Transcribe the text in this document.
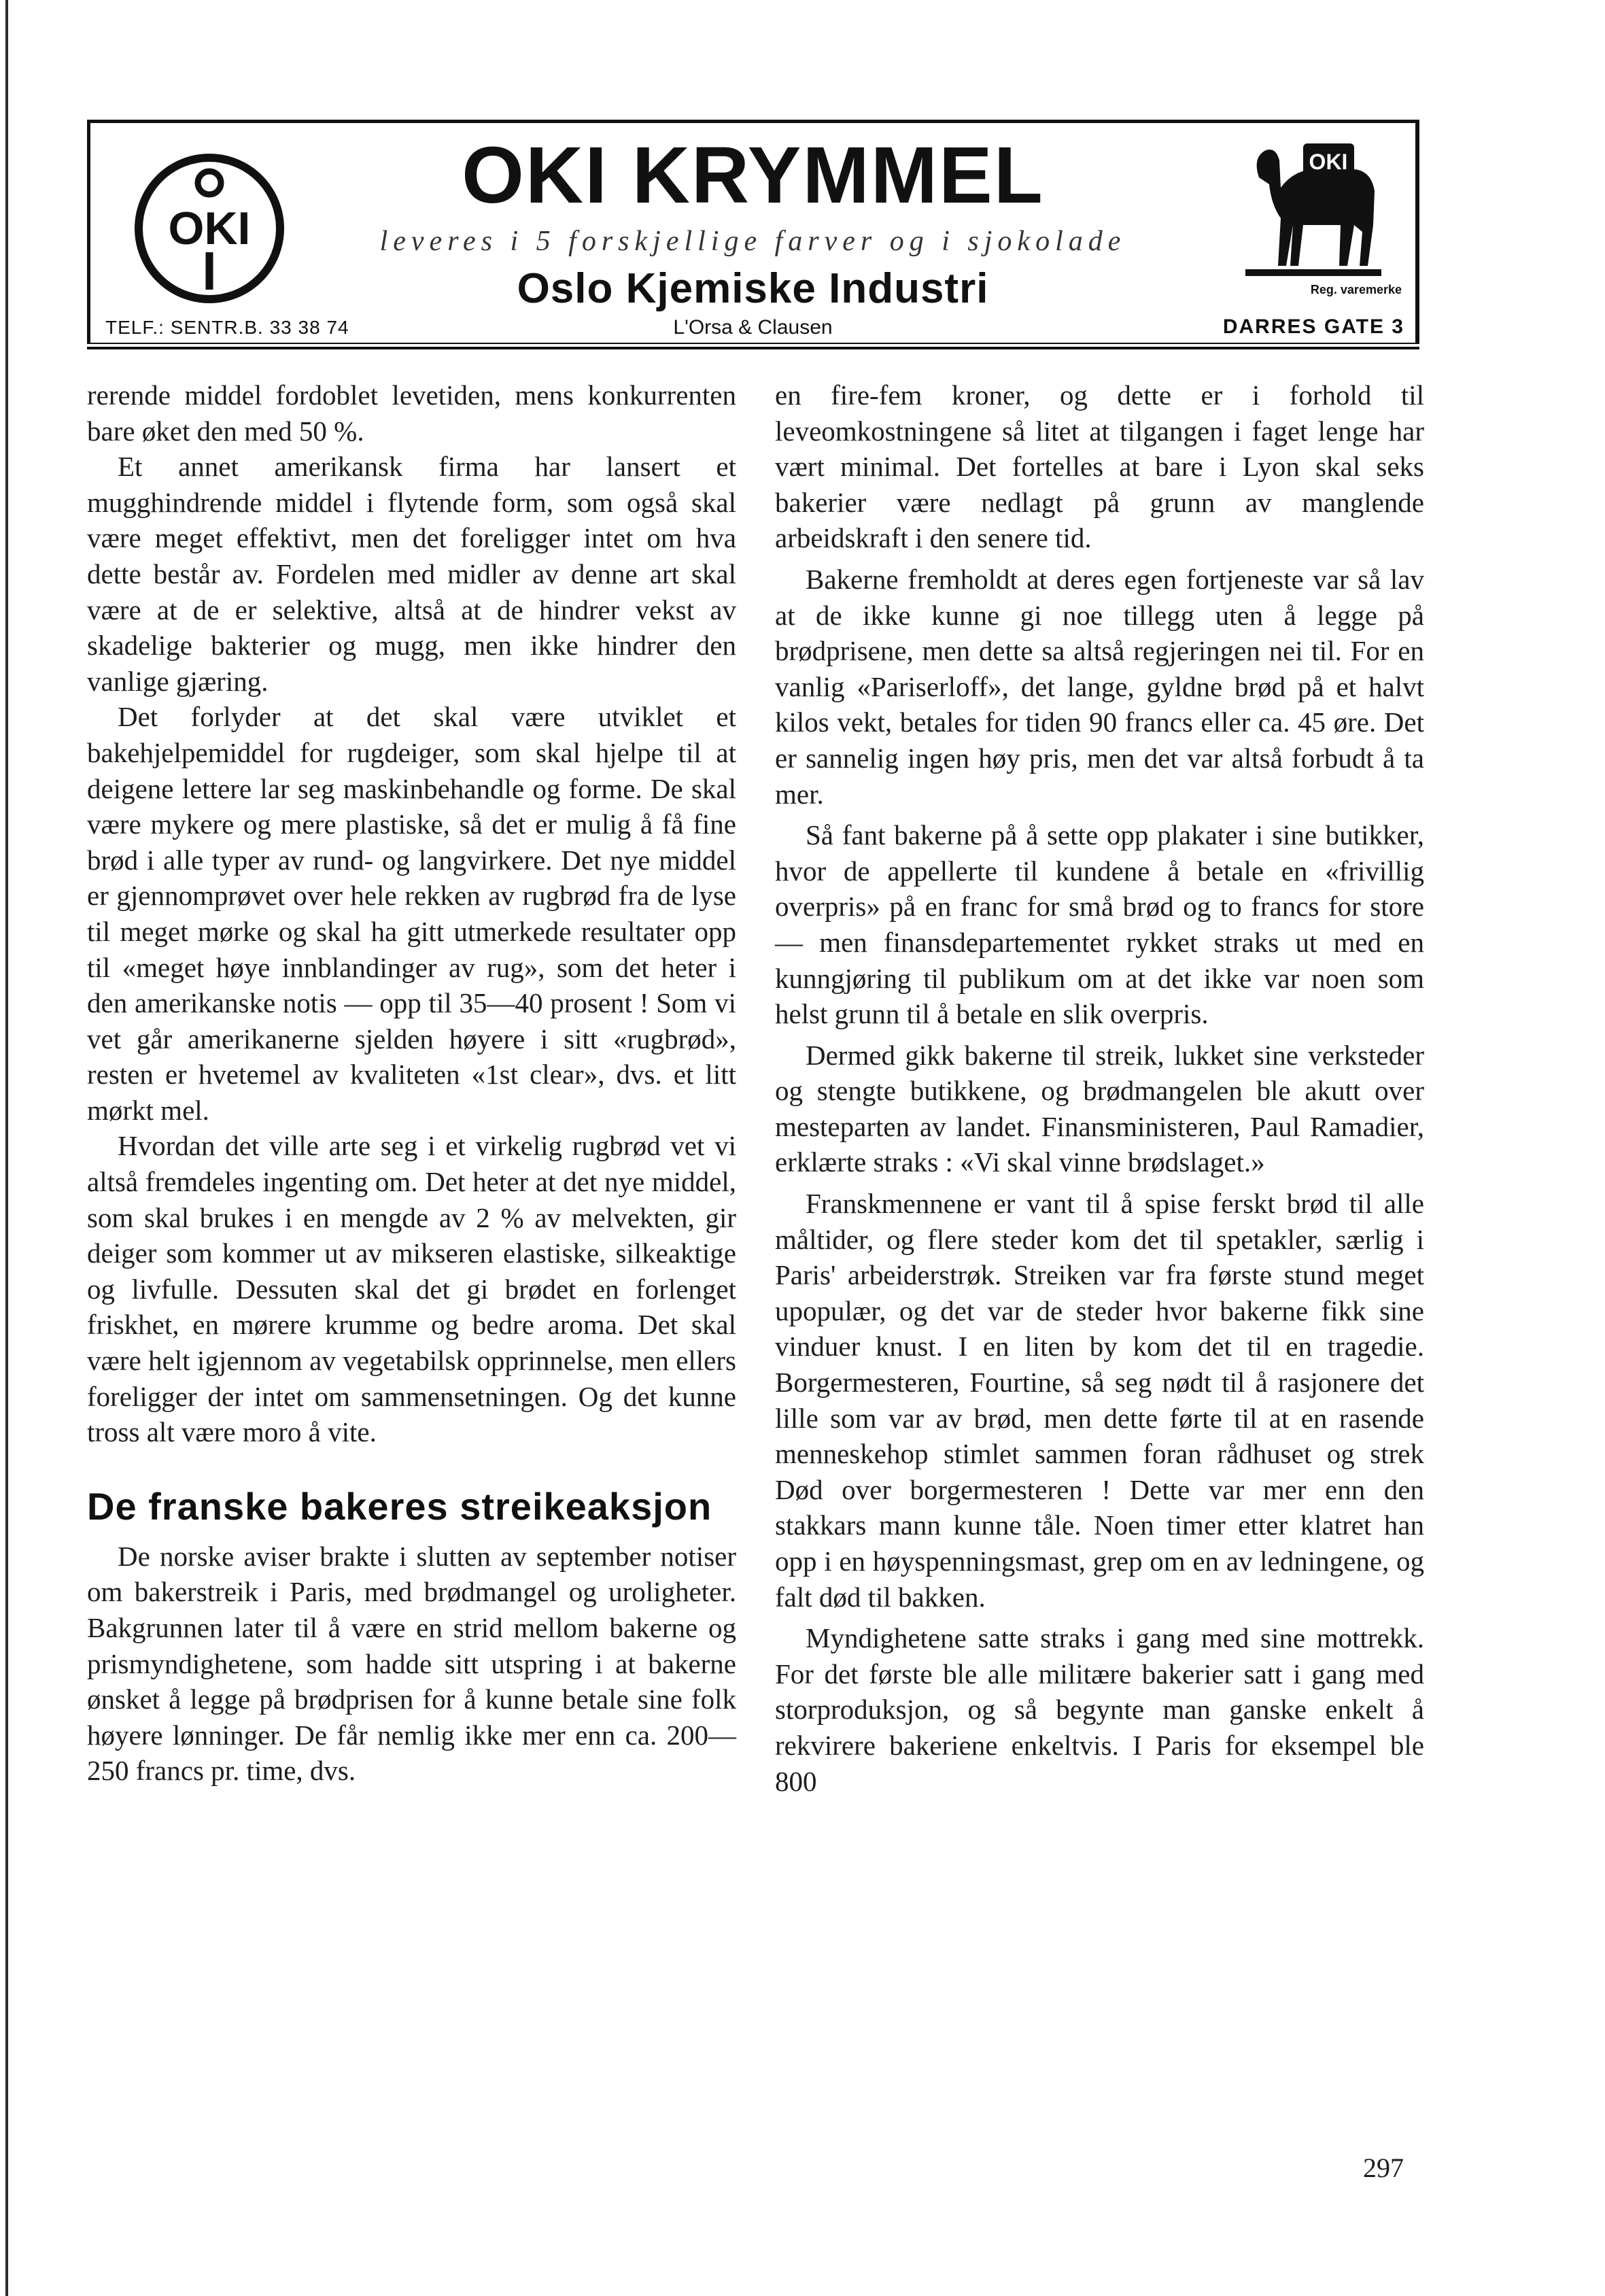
OKI
OKI KRYMMEL
leveres i 5 forskjellige farver og i sjokolade
Oslo Kjemiske Industri
TELF.: SENTR.B. 33 38 74	L'Orsa & Clausen	DARRES GATE 3
Reg. varemerke
OKI

rerende middel fordoblet levetiden, mens konkurrenten bare øket den med 50 %.

Et annet amerikansk firma har lansert et mugghindrende middel i flytende form, som også skal være meget effektivt, men det foreligger intet om hva dette består av. Fordelen med midler av denne art skal være at de er selektive, altså at de hindrer vekst av skadelige bakterier og mugg, men ikke hindrer den vanlige gjæring.

Det forlyder at det skal være utviklet et bakehjelpemiddel for rugdeiger, som skal hjelpe til at deigene lettere lar seg maskinbehandle og forme. De skal være mykere og mere plastiske, så det er mulig å få fine brød i alle typer av rund- og langvirkere. Det nye middel er gjennomprøvet over hele rekken av rugbrød fra de lyse til meget mørke og skal ha gitt utmerkede resultater opp til «meget høye innblandinger av rug», som det heter i den amerikanske notis — opp til 35—40 prosent ! Som vi vet går amerikanerne sjelden høyere i sitt «rugbrød», resten er hvetemel av kvaliteten «1st clear», dvs. et litt mørkt mel.

Hvordan det ville arte seg i et virkelig rugbrød vet vi altså fremdeles ingenting om. Det heter at det nye middel, som skal brukes i en mengde av 2 % av melvekten, gir deiger som kommer ut av mikseren elastiske, silkeaktige og livfulle. Dessuten skal det gi brødet en forlenget friskhet, en mørere krumme og bedre aroma. Det skal være helt igjennom av vegetabilsk opprinnelse, men ellers foreligger der intet om sammensetningen. Og det kunne tross alt være moro å vite.

De franske bakeres streikeaksjon

De norske aviser brakte i slutten av september notiser om bakerstreik i Paris, med brødmangel og uroligheter. Bakgrunnen later til å være en strid mellom bakerne og prismyndighetene, som hadde sitt utspring i at bakerne ønsket å legge på brødprisen for å kunne betale sine folk høyere lønninger. De får nemlig ikke mer enn ca. 200—250 francs pr. time, dvs.

en fire-fem kroner, og dette er i forhold til leveomkostningene så litet at tilgangen i faget lenge har vært minimal. Det fortelles at bare i Lyon skal seks bakerier være nedlagt på grunn av manglende arbeidskraft i den senere tid.

Bakerne fremholdt at deres egen fortjeneste var så lav at de ikke kunne gi noe tillegg uten å legge på brødprisene, men dette sa altså regjeringen nei til. For en vanlig «Pariserloff», det lange, gyldne brød på et halvt kilos vekt, betales for tiden 90 francs eller ca. 45 øre. Det er sannelig ingen høy pris, men det var altså forbudt å ta mer.

Så fant bakerne på å sette opp plakater i sine butikker, hvor de appellerte til kundene å betale en «frivillig overpris» på en franc for små brød og to francs for store — men finansdepartementet rykket straks ut med en kunngjøring til publikum om at det ikke var noen som helst grunn til å betale en slik overpris.

Dermed gikk bakerne til streik, lukket sine verksteder og stengte butikkene, og brødmangelen ble akutt over mesteparten av landet. Finansministeren, Paul Ramadier, erklærte straks : «Vi skal vinne brødslaget.»

Franskmennene er vant til å spise ferskt brød til alle måltider, og flere steder kom det til spetakler, særlig i Paris' arbeiderstrøk. Streiken var fra første stund meget upopulær, og det var de steder hvor bakerne fikk sine vinduer knust. I en liten by kom det til en tragedie. Borgermesteren, Fourtine, så seg nødt til å rasjonere det lille som var av brød, men dette førte til at en rasende menneskehop stimlet sammen foran rådhuset og strek Død over borgermesteren ! Dette var mer enn den stakkars mann kunne tåle. Noen timer etter klatret han opp i en høyspenningsmast, grep om en av ledningene, og falt død til bakken.

Myndighetene satte straks i gang med sine mottrekk. For det første ble alle militære bakerier satt i gang med storproduksjon, og så begynte man ganske enkelt å rekvirere bakeriene enkeltvis. I Paris for eksempel ble 800

297
